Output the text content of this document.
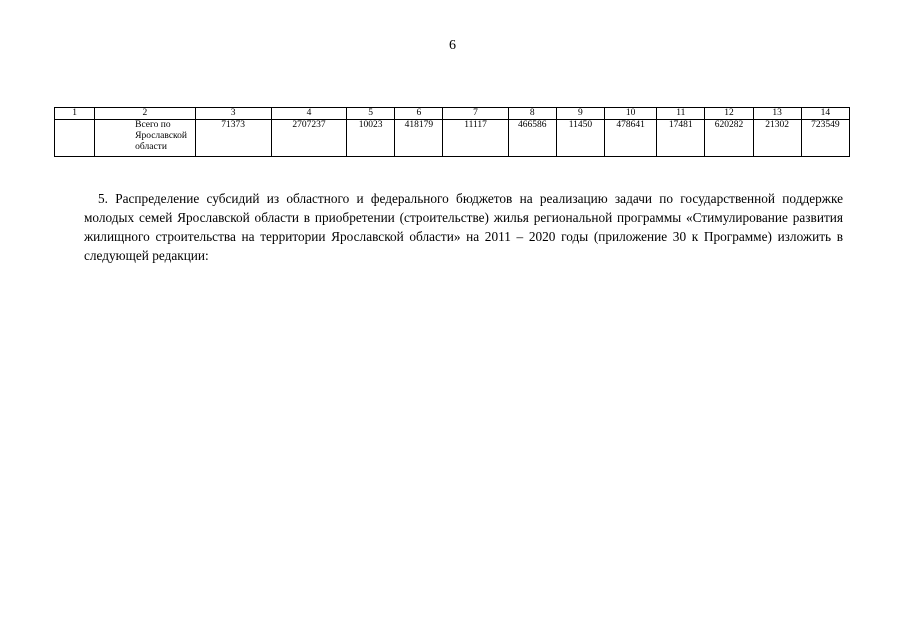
6
1	2	3	4	5	6	7	8	9	10	11	12	13	14
	Всего по Ярославской области	71373	2707237	10023	418179	11117	466586	11450	478641	17481	620282	21302	723549

5. Распределение субсидий из областного и федерального бюджетов на реализацию задачи по государственной поддержке молодых семей Ярославской области в приобретении (строительстве) жилья региональной программы «Стимулирование развития жилищного строительства на территории Ярославской области» на 2011 – 2020 годы (приложение 30 к Программе) изложить в следующей редакции:
